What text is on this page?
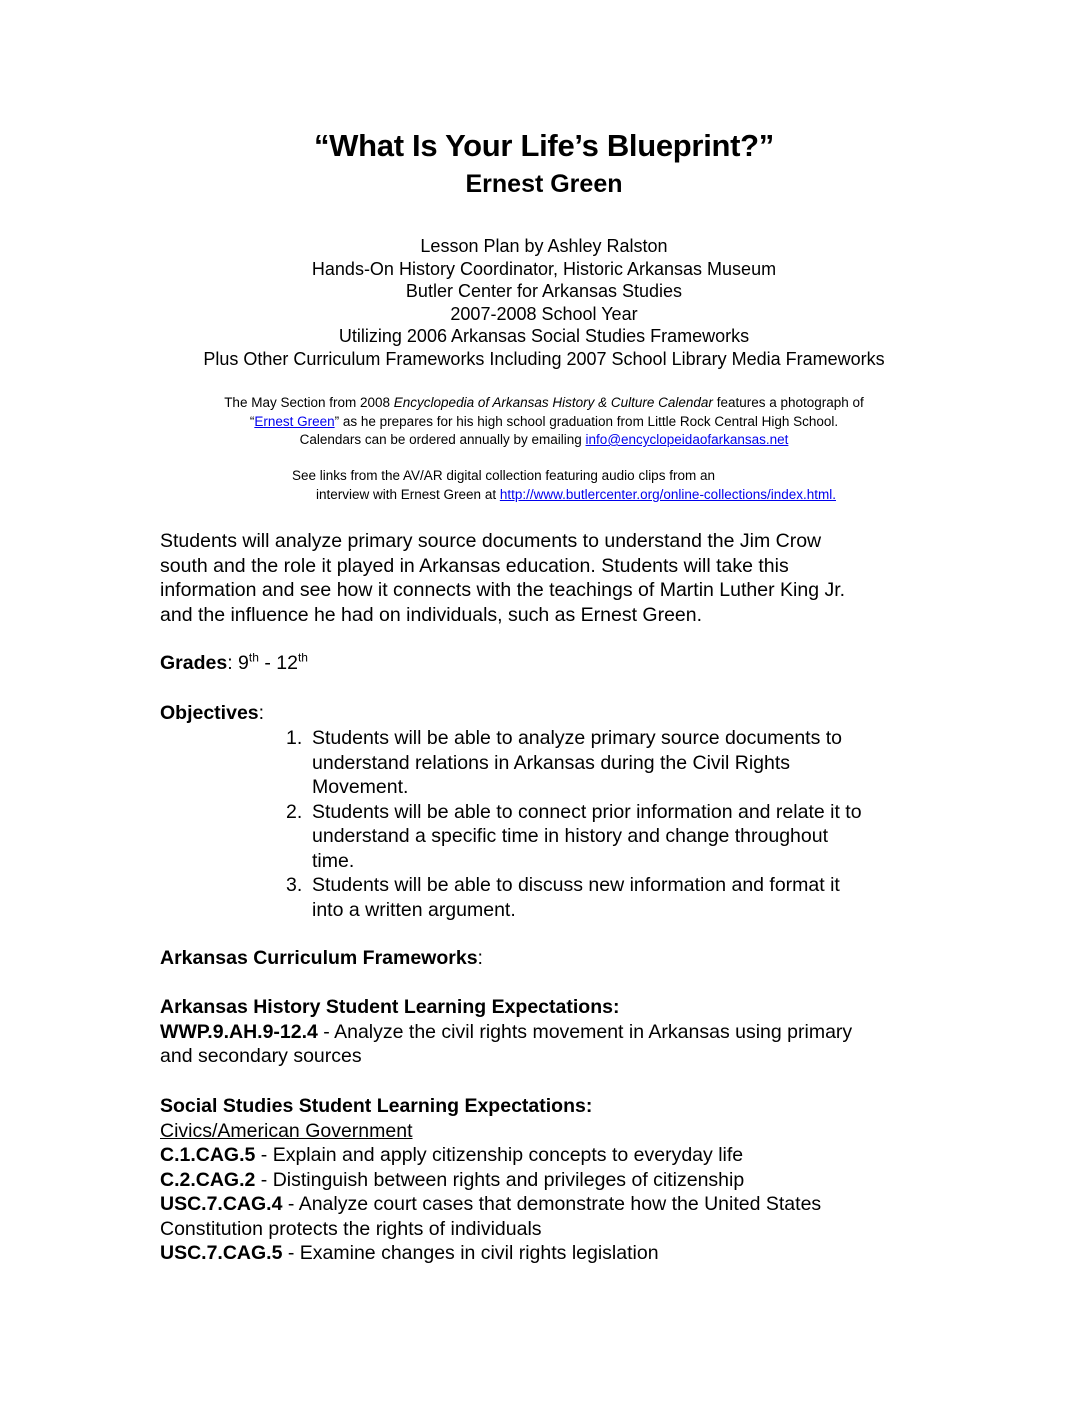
“What Is Your Life’s Blueprint?”
Ernest Green
Lesson Plan by Ashley Ralston
Hands-On History Coordinator, Historic Arkansas Museum
Butler Center for Arkansas Studies
2007-2008 School Year
Utilizing 2006 Arkansas Social Studies Frameworks
Plus Other Curriculum Frameworks Including 2007 School Library Media Frameworks
The May Section from 2008 Encyclopedia of Arkansas History & Culture Calendar features a photograph of
“Ernest Green” as he prepares for his high school graduation from Little Rock Central High School.
Calendars can be ordered annually by emailing info@encyclopeidaofarkansas.net
See links from the AV/AR digital collection featuring audio clips from an
interview with Ernest Green at http://www.butlercenter.org/online-collections/index.html.
Students will analyze primary source documents to understand the Jim Crow
south and the role it played in Arkansas education. Students will take this
information and see how it connects with the teachings of Martin Luther King Jr.
and the influence he had on individuals, such as Ernest Green.
Grades: 9th - 12th
Objectives:
1. Students will be able to analyze primary source documents to
understand relations in Arkansas during the Civil Rights
Movement.
2. Students will be able to connect prior information and relate it to
understand a specific time in history and change throughout
time.
3. Students will be able to discuss new information and format it
into a written argument.
Arkansas Curriculum Frameworks:
Arkansas History Student Learning Expectations:
WWP.9.AH.9-12.4 - Analyze the civil rights movement in Arkansas using primary
and secondary sources
Social Studies Student Learning Expectations:
Civics/American Government
C.1.CAG.5 - Explain and apply citizenship concepts to everyday life
C.2.CAG.2 - Distinguish between rights and privileges of citizenship
USC.7.CAG.4 - Analyze court cases that demonstrate how the United States
Constitution protects the rights of individuals
USC.7.CAG.5 - Examine changes in civil rights legislation
